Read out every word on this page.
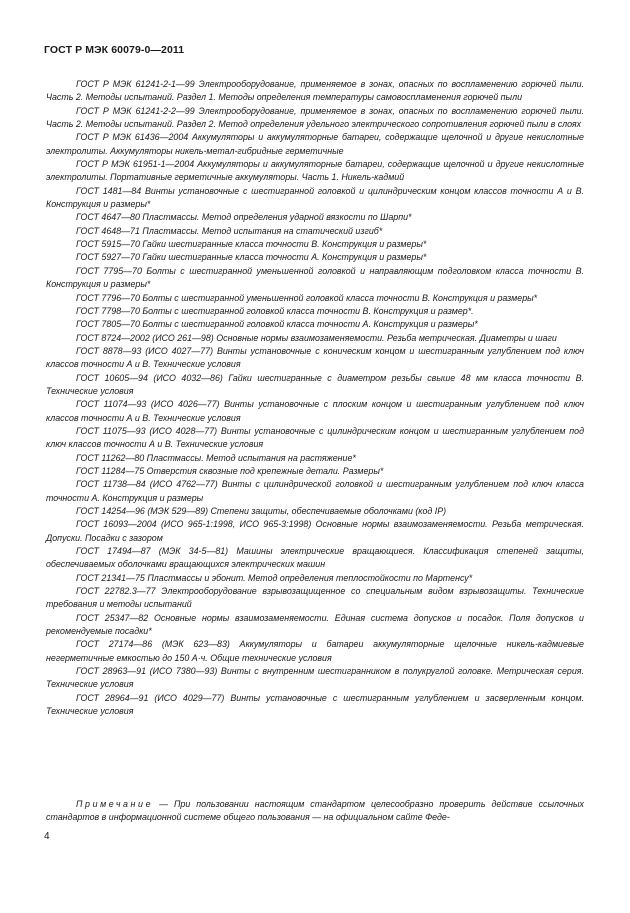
ГОСТ Р МЭК 60079-0—2011

ГОСТ Р МЭК 61241-2-1—99 Электрооборудование, применяемое в зонах, опасных по воспламенению горючей пыли. Часть 2. Методы испытаний. Раздел 1. Методы определения температуры самовоспламенения горючей пыли

ГОСТ Р МЭК 61241-2-2—99 Электрооборудование, применяемое в зонах, опасных по воспламенению горючей пыли. Часть 2. Методы испытаний. Раздел 2. Метод определения удельного электрического сопротивления горючей пыли в слоях

ГОСТ Р МЭК 61436—2004 Аккумуляторы и аккумуляторные батареи, содержащие щелочной и другие некислотные электролиты. Аккумуляторы никель-метал-гибридные герметичные

ГОСТ Р МЭК 61951-1—2004 Аккумуляторы и аккумуляторные батареи, содержащие щелочной и другие некислотные электролиты. Портативные герметичные аккумуляторы. Часть 1. Никель-кадмий

ГОСТ 1481—84 Винты установочные с шестигранной головкой и цилиндрическим концом классов точности А и В. Конструкция и размеры*

ГОСТ 4647—80 Пластмассы. Метод определения ударной вязкости по Шарпи*

ГОСТ 4648—71 Пластмассы. Метод испытания на статический изгиб*

ГОСТ 5915—70 Гайки шестигранные класса точности В. Конструкция и размеры*

ГОСТ 5927—70 Гайки шестигранные класса точности А. Конструкция и размеры*

ГОСТ 7795—70 Болты с шестигранной уменьшенной головкой и направляющим подголовком класса точности В. Конструкция и размеры*

ГОСТ 7796—70 Болты с шестигранной уменьшенной головкой класса точности В. Конструкция и размеры*

ГОСТ 7798—70 Болты с шестигранной головкой класса точности В. Конструкция и размер*.

ГОСТ 7805—70 Болты с шестигранной головкой класса точности А. Конструкция и размеры*

ГОСТ 8724—2002 (ИСО 261—98) Основные нормы взаимозаменяемости. Резьба метрическая. Диаметры и шаги

ГОСТ 8878—93 (ИСО 4027—77) Винты установочные с коническим концом и шестигранным углублением под ключ классов точности А и В. Технические условия

ГОСТ 10605—94 (ИСО 4032—86) Гайки шестигранные с диаметром резьбы свыше 48 мм класса точности В. Технические условия

ГОСТ 11074—93 (ИСО 4026—77) Винты установочные с плоским концом и шестигранным углублением под ключ классов точности А и В. Технические условия

ГОСТ 11075—93 (ИСО 4028—77) Винты установочные с цилиндрическим концом и шестигранным углублением под ключ классов точности А и В. Технические условия

ГОСТ 11262—80 Пластмассы. Метод испытания на растяжение*

ГОСТ 11284—75 Отверстия сквозные под крепежные детали. Размеры*

ГОСТ 11738—84 (ИСО 4762—77) Винты с цилиндрической головкой и шестигранным углублением под ключ класса точности А. Конструкция и размеры

ГОСТ 14254—96 (МЭК 529—89) Степени защиты, обеспечиваемые оболочками (код IP)

ГОСТ 16093—2004 (ИСО 965-1:1998, ИСО 965-3:1998) Основные нормы взаимозаменяемости. Резьба метрическая. Допуски. Посадки с зазором

ГОСТ 17494—87 (МЭК 34-5—81) Машины электрические вращающиеся. Классификация степеней защиты, обеспечиваемых оболочками вращающихся электрических машин

ГОСТ 21341—75 Пластмассы и эбонит. Метод определения теплостойкости по Мартенсу*

ГОСТ 22782.3—77 Электрооборудование взрывозащищенное со специальным видом взрывозащиты. Технические требования и методы испытаний

ГОСТ 25347—82 Основные нормы взаимозаменяемости. Единая система допусков и посадок. Поля допусков и рекомендуемые посадки*

ГОСТ 27174—86 (МЭК 623—83) Аккумуляторы и батареи аккумуляторные щелочные никель-кадмиевые негерметичные емкостью до 150 А·ч. Общие технические условия

ГОСТ 28963—91 (ИСО 7380—93) Винты с внутренним шестигранником в полукруглой головке. Метрическая серия. Технические условия

ГОСТ 28964—91 (ИСО 4029—77) Винты установочные с шестигранным углублением и засверленным концом. Технические условия

Примечание — При пользовании настоящим стандартом целесообразно проверить действие ссылочных стандартов в информационной системе общего пользования — на официальном сайте Феде-

4
